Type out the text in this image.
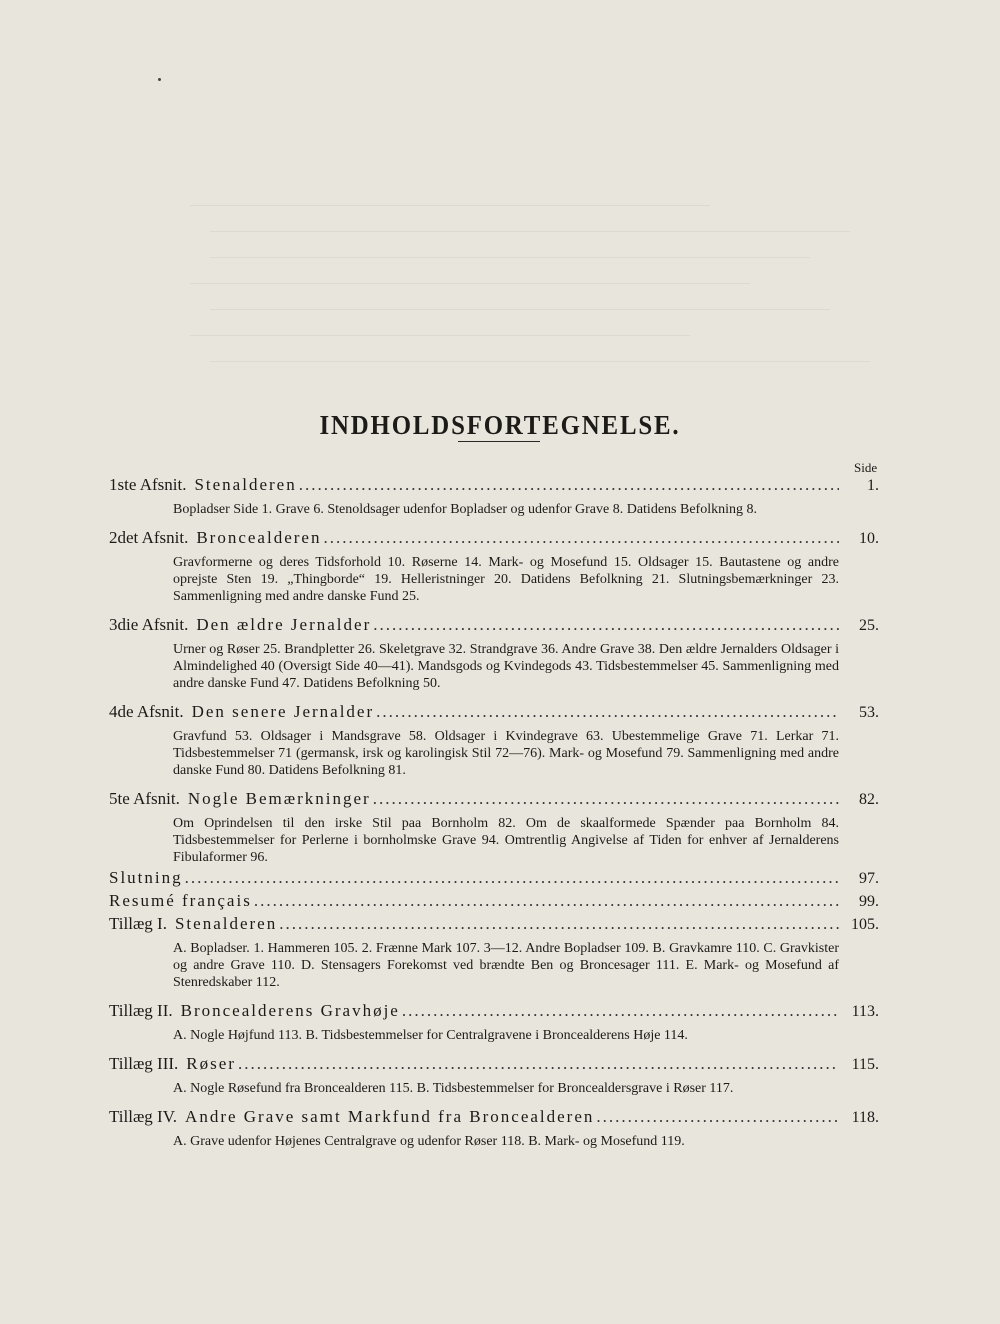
INDHOLDSFORTEGNELSE.
Side
1ste Afsnit. Stenalderen .....	1.

Bopladser Side 1. Grave 6. Stenoldsager udenfor Bopladser og udenfor Grave 8. Datidens Befolkning 8.

2det Afsnit. Broncealderen .....	10.

Gravformerne og deres Tidsforhold 10. Røserne 14. Mark- og Mosefund 15. Oldsager 15. Bautastene og andre oprejste Sten 19. „Thingborde“ 19. Helleristninger 20. Datidens Befolkning 21. Slutningsbemærkninger 23. Sammenligning med andre danske Fund 25.

3die Afsnit. Den ældre Jernalder .....	25.

Urner og Røser 25. Brandpletter 26. Skeletgrave 32. Strandgrave 36. Andre Grave 38. Den ældre Jernalders Oldsager i Almindelighed 40 (Oversigt Side 40—41). Mandsgods og Kvindegods 43. Tidsbestemmelser 45. Sammenligning med andre danske Fund 47. Datidens Befolkning 50.

4de Afsnit. Den senere Jernalder .....	53.

Gravfund 53. Oldsager i Mandsgrave 58. Oldsager i Kvindegrave 63. Ubestemmelige Grave 71. Lerkar 71. Tidsbestemmelser 71 (germansk, irsk og karolingisk Stil 72—76). Mark- og Mosefund 79. Sammenligning med andre danske Fund 80. Datidens Befolkning 81.

5te Afsnit. Nogle Bemærkninger .....	82.

Om Oprindelsen til den irske Stil paa Bornholm 82. Om de skaalformede Spænder paa Bornholm 84. Tidsbestemmelser for Perlerne i bornholmske Grave 94. Omtrentlig Angivelse af Tiden for enhver af Jernalderens Fibulaformer 96.

Slutning .....	97.
Resumé français .....	99.
Tillæg I. Stenalderen .....	105.

A. Bopladser. 1. Hammeren 105. 2. Frænne Mark 107. 3—12. Andre Bopladser 109. B. Gravkamre 110. C. Gravkister og andre Grave 110. D. Stensagers Forekomst ved brændte Ben og Broncesager 111. E. Mark- og Mosefund af Stenredskaber 112.

Tillæg II. Broncealderens Gravhøje .....	113.

A. Nogle Højfund 113. B. Tidsbestemmelser for Centralgravene i Broncealderens Høje 114.

Tillæg III. Røser .....	115.

A. Nogle Røsefund fra Broncealderen 115. B. Tidsbestemmelser for Broncealdersgrave i Røser 117.

Tillæg IV. Andre Grave samt Markfund fra Broncealderen .....	118.

A. Grave udenfor Højenes Centralgrave og udenfor Røser 118. B. Mark- og Mosefund 119.
